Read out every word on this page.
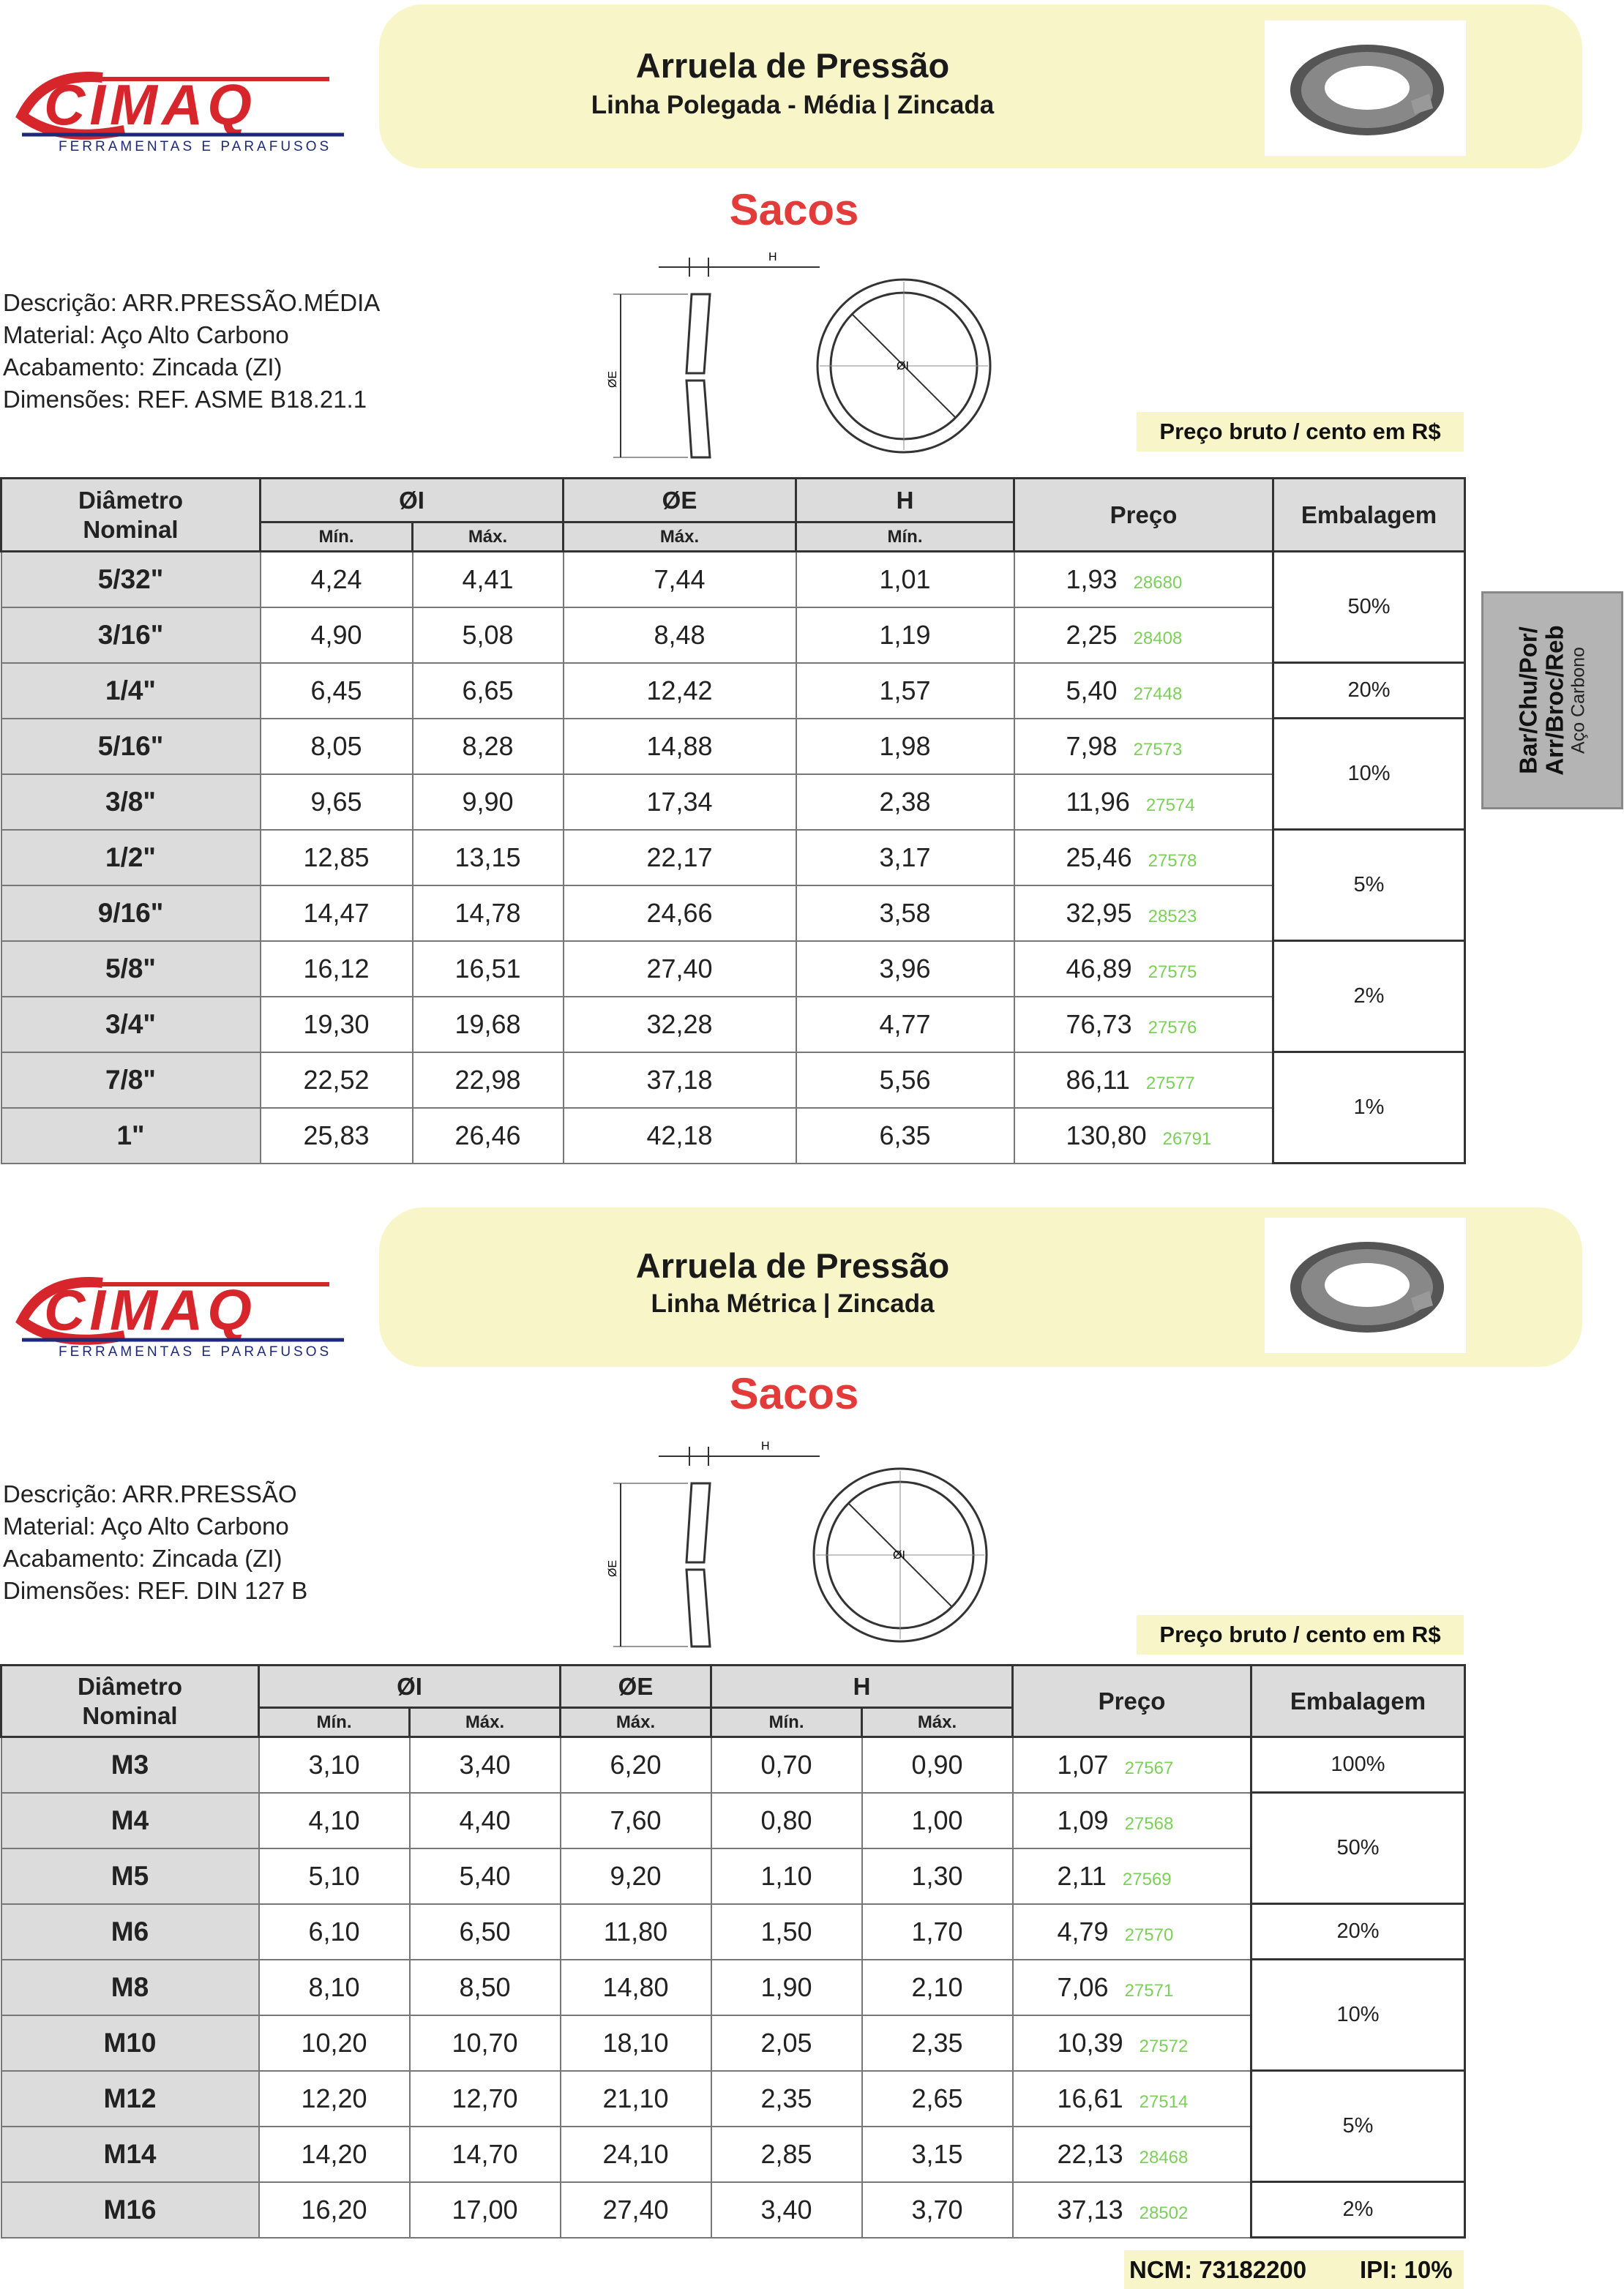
CIMAQ
FERRAMENTAS E PARAFUSOS
Arruela de Pressão
Linha Polegada - Média | Zincada
Sacos
Descrição: ARR.PRESSÃO.MÉDIA
Material: Aço Alto Carbono
Acabamento: Zincada (ZI)
Dimensões: REF. ASME B18.21.1
H
ØE
ØI
Preço bruto / cento em R$
Diâmetro Nominal	ØI		ØE	H	Preço	Embalagem
	Mín.	Máx.	Máx.	Mín.		
5/32"	4,24	4,41	7,44	1,01	1,93 28680	50%
3/16"	4,90	5,08	8,48	1,19	2,25 28408	
1/4"	6,45	6,65	12,42	1,57	5,40 27448	20%
5/16"	8,05	8,28	14,88	1,98	7,98 27573	10%
3/8"	9,65	9,90	17,34	2,38	11,96 27574	
1/2"	12,85	13,15	22,17	3,17	25,46 27578	5%
9/16"	14,47	14,78	24,66	3,58	32,95 28523	
5/8"	16,12	16,51	27,40	3,96	46,89 27575	2%
3/4"	19,30	19,68	32,28	4,77	76,73 27576	
7/8"	22,52	22,98	37,18	5,56	86,11 27577	1%
1"	25,83	26,46	42,18	6,35	130,80 26791	
Bar/Chu/Por/ Arr/Broc/Reb Aço Carbono
CIMAQ
FERRAMENTAS E PARAFUSOS
Arruela de Pressão
Linha Métrica | Zincada
Sacos
Descrição: ARR.PRESSÃO
Material: Aço Alto Carbono
Acabamento: Zincada (ZI)
Dimensões: REF. DIN 127 B
H
ØE
ØI
Preço bruto / cento em R$
Diâmetro Nominal	ØI		ØE	H		Preço	Embalagem
	Mín.	Máx.	Máx.	Mín.	Máx.		
M3	3,10	3,40	6,20	0,70	0,90	1,07 27567	100%
M4	4,10	4,40	7,60	0,80	1,00	1,09 27568	50%
M5	5,10	5,40	9,20	1,10	1,30	2,11 27569	
M6	6,10	6,50	11,80	1,50	1,70	4,79 27570	20%
M8	8,10	8,50	14,80	1,90	2,10	7,06 27571	10%
M10	10,20	10,70	18,10	2,05	2,35	10,39 27572	
M12	12,20	12,70	21,10	2,35	2,65	16,61 27514	5%
M14	14,20	14,70	24,10	2,85	3,15	22,13 28468	
M16	16,20	17,00	27,40	3,40	3,70	37,13 28502	2%
NCM: 73182200 IPI: 10%
